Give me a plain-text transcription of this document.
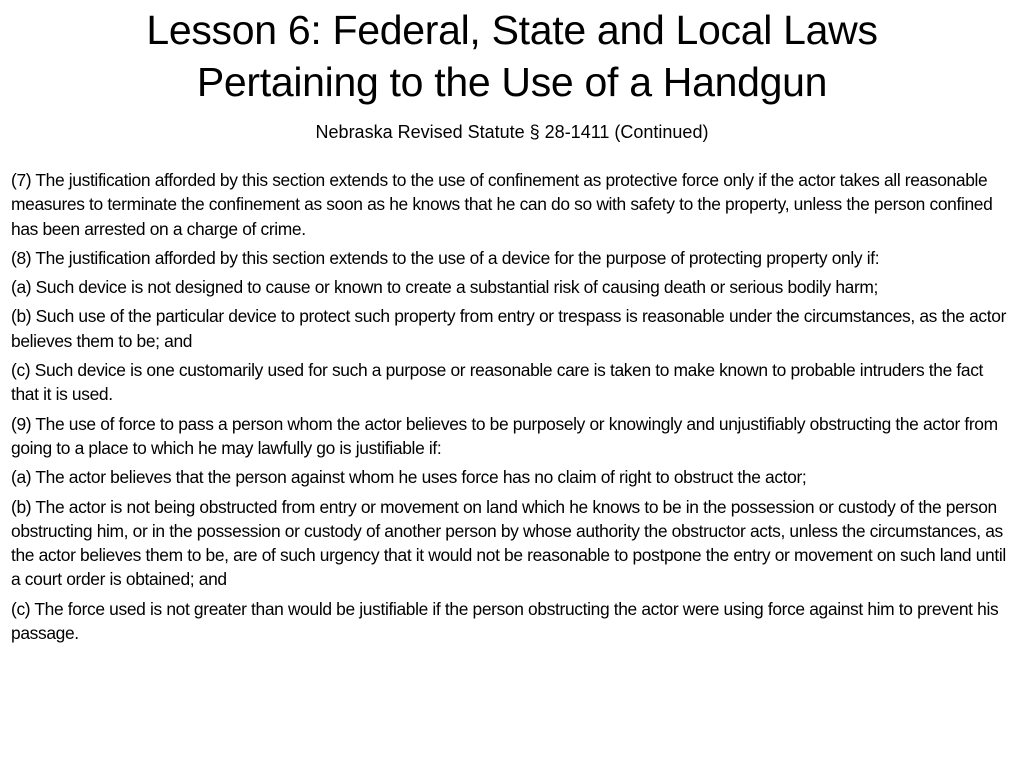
Lesson 6: Federal, State and Local Laws
Pertaining to the Use of a Handgun
Nebraska Revised Statute § 28-1411 (Continued)

(7) The justification afforded by this section extends to the use of confinement as protective force only if the actor takes all reasonable measures to terminate the confinement as soon as he knows that he can do so with safety to the property, unless the person confined has been arrested on a charge of crime.

(8) The justification afforded by this section extends to the use of a device for the purpose of protecting property only if:

(a) Such device is not designed to cause or known to create a substantial risk of causing death or serious bodily harm;

(b) Such use of the particular device to protect such property from entry or trespass is reasonable under the circumstances, as the actor believes them to be; and

(c) Such device is one customarily used for such a purpose or reasonable care is taken to make known to probable intruders the fact that it is used.

(9) The use of force to pass a person whom the actor believes to be purposely or knowingly and unjustifiably obstructing the actor from going to a place to which he may lawfully go is justifiable if:

(a) The actor believes that the person against whom he uses force has no claim of right to obstruct the actor;

(b) The actor is not being obstructed from entry or movement on land which he knows to be in the possession or custody of the person obstructing him, or in the possession or custody of another person by whose authority the obstructor acts, unless the circumstances, as the actor believes them to be, are of such urgency that it would not be reasonable to postpone the entry or movement on such land until a court order is obtained; and

(c) The force used is not greater than would be justifiable if the person obstructing the actor were using force against him to prevent his passage.
